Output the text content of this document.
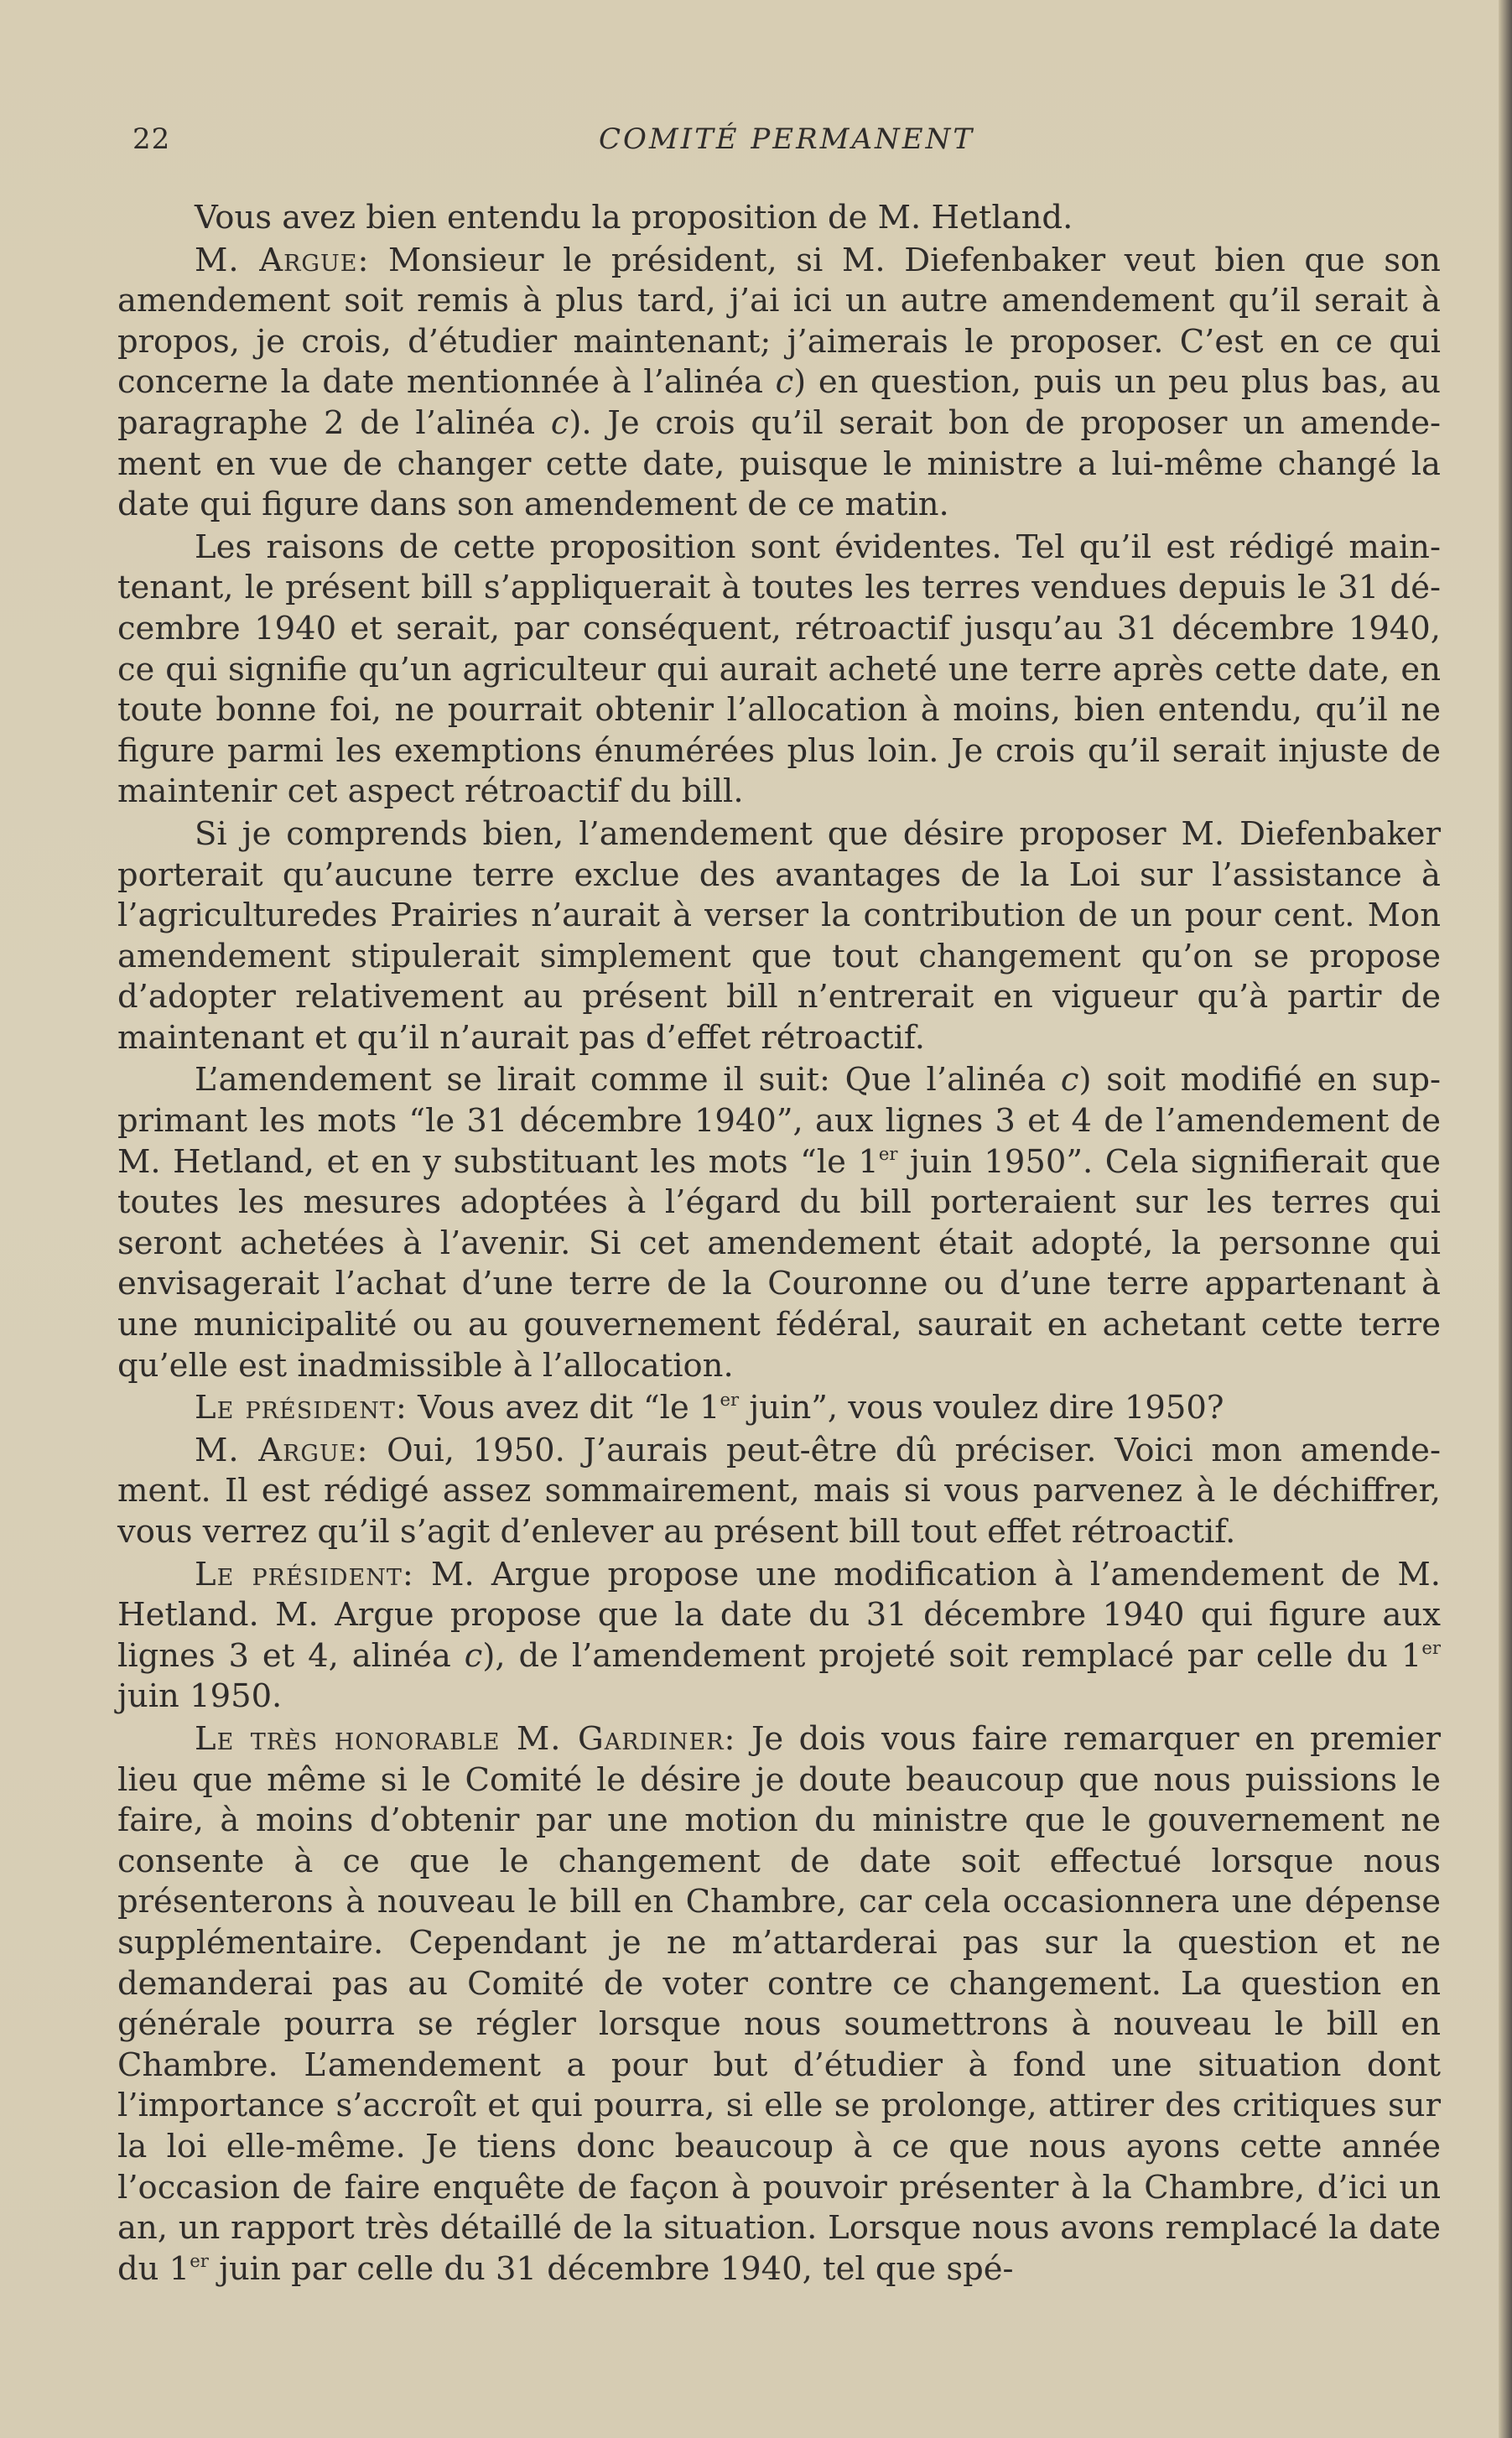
COMITÉ PERMANENT
22

Vous avez bien entendu la proposition de M. Hetland.

M. Argue: Monsieur le président, si M. Diefenbaker veut bien que son amendement soit remis à plus tard, j’ai ici un autre amendement qu’il serait à propos, je crois, d’étudier maintenant; j’aimerais le proposer. C’est en ce qui concerne la date mentionnée à l’alinéa c) en question, puis un peu plus bas, au paragraphe 2 de l’alinéa c). Je crois qu’il serait bon de proposer un amendement en vue de changer cette date, puisque le ministre a lui-même changé la date qui figure dans son amendement de ce matin.

Les raisons de cette proposition sont évidentes. Tel qu’il est rédigé maintenant, le présent bill s’appliquerait à toutes les terres vendues depuis le 31 décembre 1940 et serait, par conséquent, rétroactif jusqu’au 31 décembre 1940, ce qui signifie qu’un agriculteur qui aurait acheté une terre après cette date, en toute bonne foi, ne pourrait obtenir l’allocation à moins, bien entendu, qu’il ne figure parmi les exemptions énumérées plus loin. Je crois qu’il serait injuste de maintenir cet aspect rétroactif du bill.

Si je comprends bien, l’amendement que désire proposer M. Diefenbaker porterait qu’aucune terre exclue des avantages de la Loi sur l’assistance à l’agriculturedes Prairies n’aurait à verser la contribution de un pour cent. Mon amendement stipulerait simplement que tout changement qu’on se propose d’adopter relativement au présent bill n’entrerait en vigueur qu’à partir de maintenant et qu’il n’aurait pas d’effet rétroactif.

L’amendement se lirait comme il suit: Que l’alinéa c) soit modifié en supprimant les mots “le 31 décembre 1940”, aux lignes 3 et 4 de l’amendement de M. Hetland, et en y substituant les mots “le 1er juin 1950”. Cela signifierait que toutes les mesures adoptées à l’égard du bill porteraient sur les terres qui seront achetées à l’avenir. Si cet amendement était adopté, la personne qui envisagerait l’achat d’une terre de la Couronne ou d’une terre appartenant à une municipalité ou au gouvernement fédéral, saurait en achetant cette terre qu’elle est inadmissible à l’allocation.

Le président: Vous avez dit “le 1er juin”, vous voulez dire 1950?

M. Argue: Oui, 1950. J’aurais peut-être dû préciser. Voici mon amendement. Il est rédigé assez sommairement, mais si vous parvenez à le déchiffrer, vous verrez qu’il s’agit d’enlever au présent bill tout effet rétroactif.

Le président: M. Argue propose une modification à l’amendement de M. Hetland. M. Argue propose que la date du 31 décembre 1940 qui figure aux lignes 3 et 4, alinéa c), de l’amendement projeté soit remplacé par celle du 1er juin 1950.

Le très honorable M. Gardiner: Je dois vous faire remarquer en premier lieu que même si le Comité le désire je doute beaucoup que nous puissions le faire, à moins d’obtenir par une motion du ministre que le gouvernement ne consente à ce que le changement de date soit effectué lorsque nous présenterons à nouveau le bill en Chambre, car cela occasionnera une dépense supplémentaire. Cependant je ne m’attarderai pas sur la question et ne demanderai pas au Comité de voter contre ce changement. La question en générale pourra se régler lorsque nous soumettrons à nouveau le bill en Chambre. L’amendement a pour but d’étudier à fond une situation dont l’importance s’accroît et qui pourra, si elle se prolonge, attirer des critiques sur la loi elle-même. Je tiens donc beaucoup à ce que nous ayons cette année l’occasion de faire enquête de façon à pouvoir présenter à la Chambre, d’ici un an, un rapport très détaillé de la situation. Lorsque nous avons remplacé la date du 1er juin par celle du 31 décembre 1940, tel que spé-
